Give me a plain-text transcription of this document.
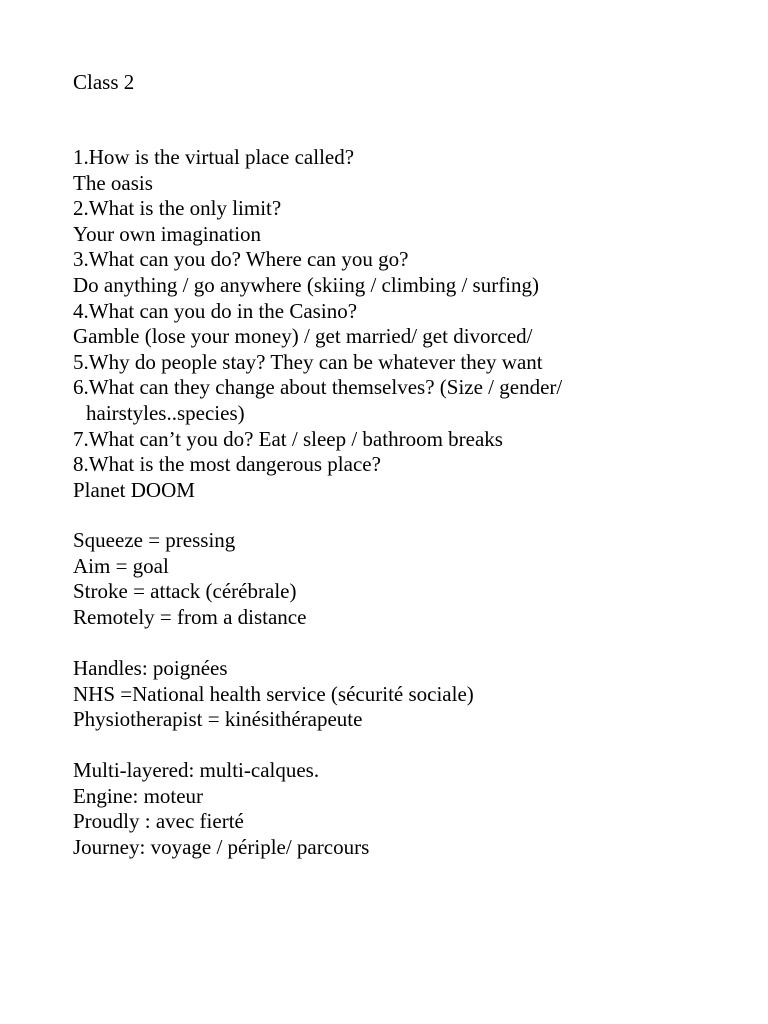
Class 2
1.How is the virtual place called?
The oasis
2.What is the only limit?
Your own imagination
3.What can you do? Where can you go?
Do anything / go anywhere (skiing / climbing / surfing)
4.What can you do in the Casino?
Gamble (lose your money) / get married/ get divorced/
5.Why do people stay? They can be whatever they want
6.What can they change about themselves? (Size / gender/
hairstyles..species)
7.What can’t you do? Eat / sleep / bathroom breaks
8.What is the most dangerous place?
Planet DOOM
Squeeze = pressing
Aim = goal
Stroke = attack (cérébrale)
Remotely = from a distance
Handles: poignées
NHS =National health service (sécurité sociale)
Physiotherapist = kinésithérapeute
Multi-layered: multi-calques.
Engine: moteur
Proudly : avec fierté
Journey: voyage / périple/ parcours
